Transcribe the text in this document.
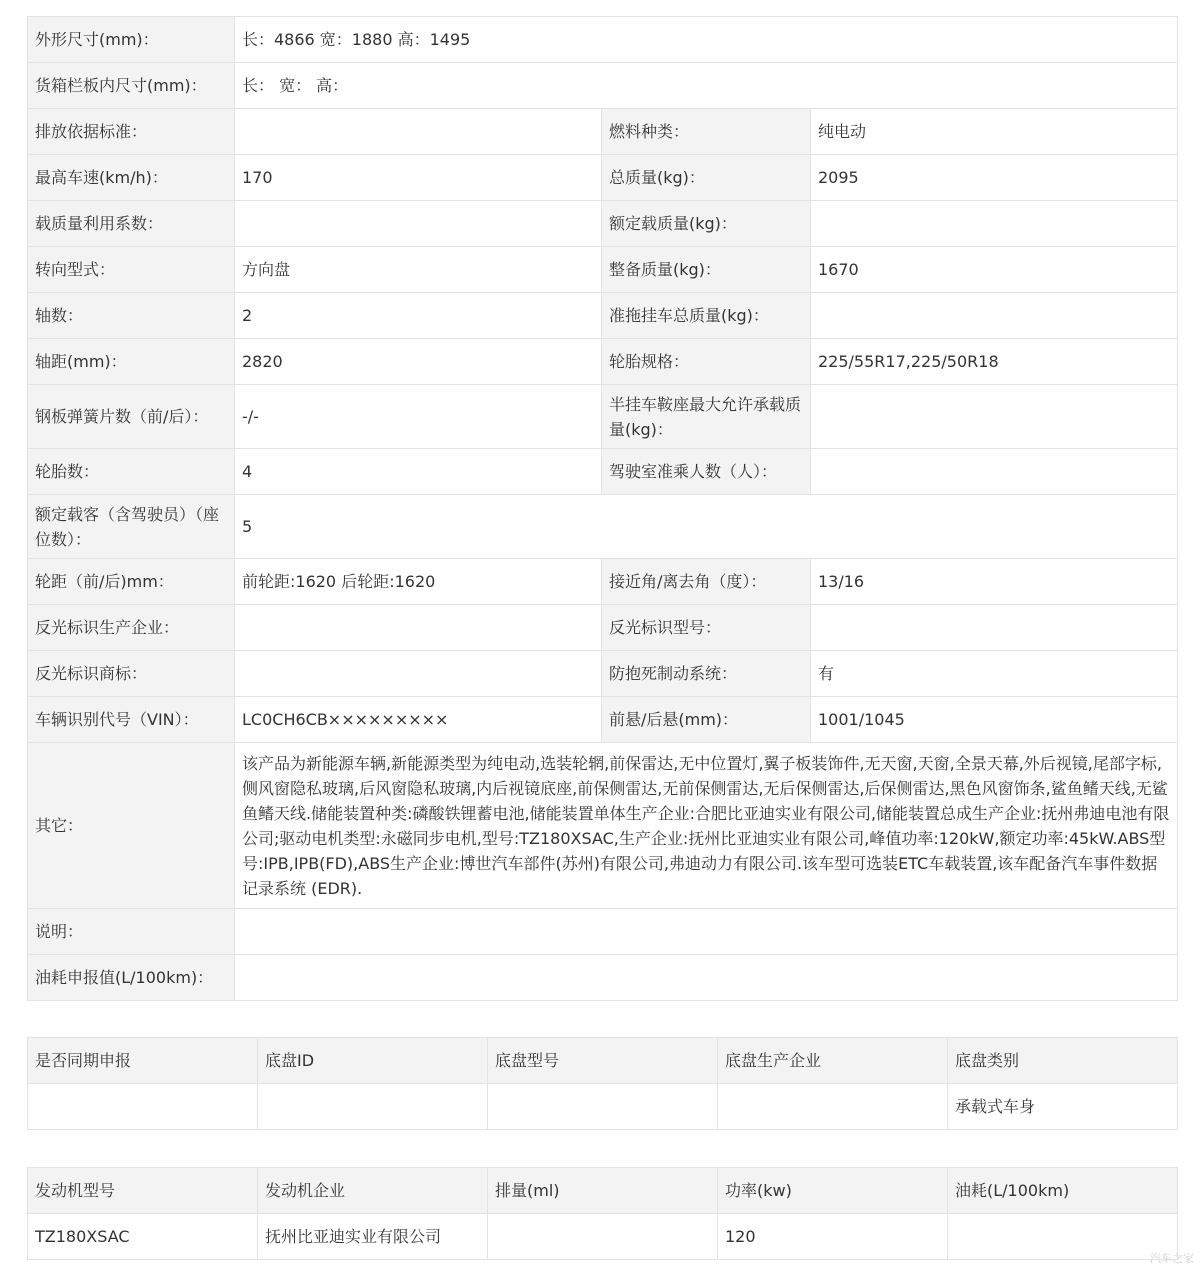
外形尺寸(mm)：	长：4866 宽：1880 高：1495		
货箱栏板内尺寸(mm)：	长： 宽： 高：		
排放依据标准：		燃料种类：	纯电动
最高车速(km/h)：	170	总质量(kg)：	2095
载质量利用系数：		额定载质量(kg)：	
转向型式：	方向盘	整备质量(kg)：	1670
轴数：	2	准拖挂车总质量(kg)：	
轴距(mm)：	2820	轮胎规格：	225/55R17,225/50R18
钢板弹簧片数（前/后）：	-/-	半挂车鞍座最大允许承载质量(kg)：	
轮胎数：	4	驾驶室准乘人数（人）：	
额定载客（含驾驶员）（座位数）：	5		
轮距（前/后)mm：	前轮距:1620 后轮距:1620	接近角/离去角（度）：	13/16
反光标识生产企业：		反光标识型号：	
反光标识商标：		防抱死制动系统：	有
车辆识别代号（VIN）：	LC0CH6CB×××××××××	前悬/后悬(mm)：	1001/1045
其它：	该产品为新能源车辆,新能源类型为纯电动,选装轮辋,前保雷达,无中位置灯,翼子板装饰件,无天窗,天窗,全景天幕,外后视镜,尾部字标,侧风窗隐私玻璃,后风窗隐私玻璃,内后视镜底座,前保侧雷达,无前保侧雷达,无后保侧雷达,后保侧雷达,黑色风窗饰条,鲨鱼鳍天线,无鲨鱼鳍天线.储能装置种类:磷酸铁锂蓄电池,储能装置单体生产企业:合肥比亚迪实业有限公司,储能装置总成生产企业:抚州弗迪电池有限公司;驱动电机类型:永磁同步电机,型号:TZ180XSAC,生产企业:抚州比亚迪实业有限公司,峰值功率:120kW,额定功率:45kW.ABS型号:IPB,IPB(FD),ABS生产企业:博世汽车部件(苏州)有限公司,弗迪动力有限公司.该车型可选装ETC车载装置,该车配备汽车事件数据记录系统 (EDR).		
说明：			
油耗申报值(L/100km)：			
是否同期申报	底盘ID	底盘型号	底盘生产企业	底盘类别
				承载式车身
发动机型号	发动机企业	排量(ml)	功率(kw)	油耗(L/100km)
TZ180XSAC	抚州比亚迪实业有限公司		120	
汽车之家
